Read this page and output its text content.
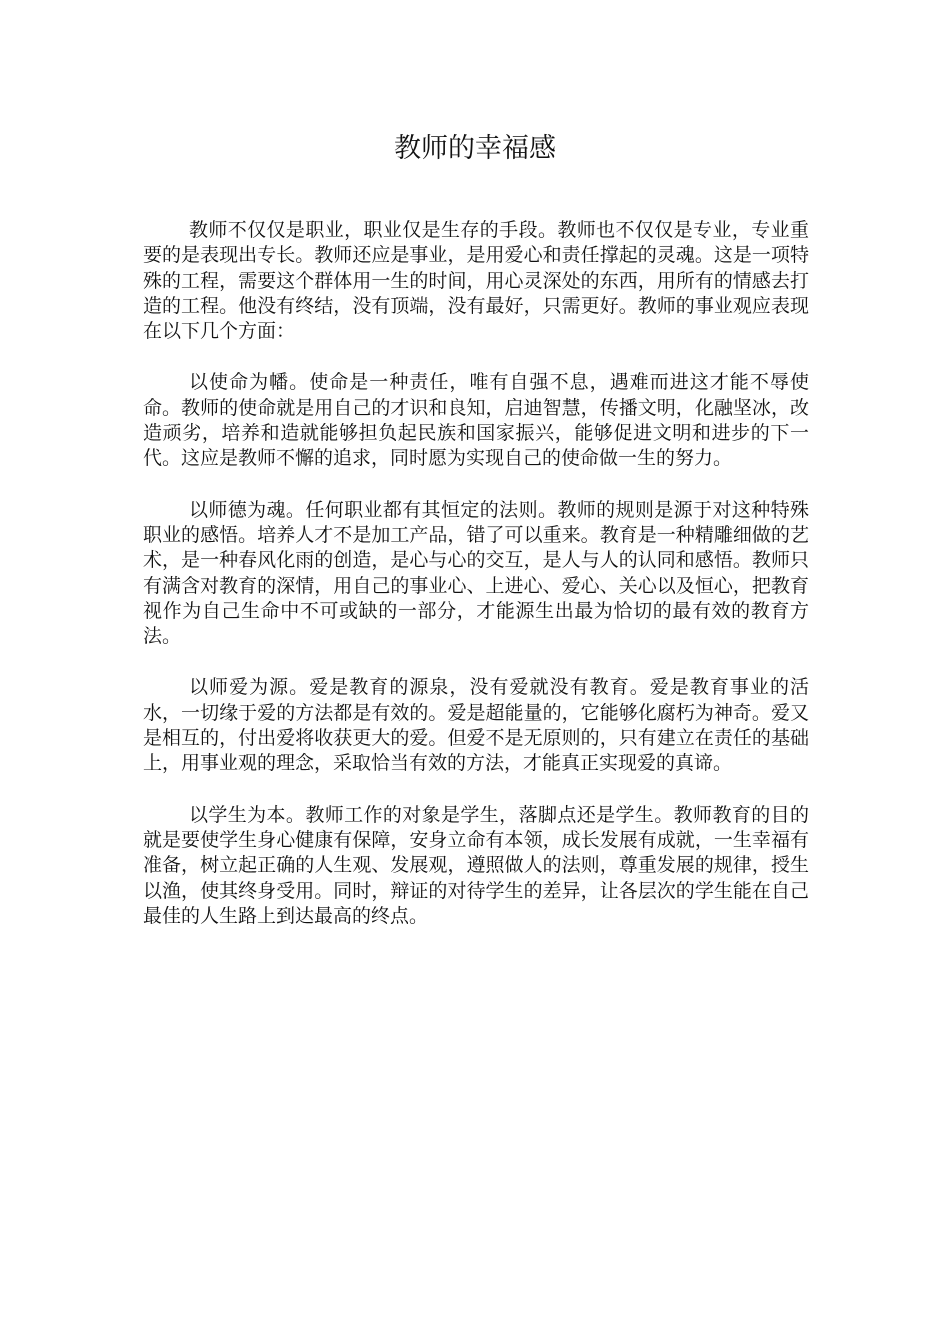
教师的幸福感

教师不仅仅是职业，职业仅是生存的手段。教师也不仅仅是专业，专业重要的是表现出专长。教师还应是事业，是用爱心和责任撑起的灵魂。这是一项特殊的工程，需要这个群体用一生的时间，用心灵深处的东西，用所有的情感去打造的工程。他没有终结，没有顶端，没有最好，只需更好。教师的事业观应表现在以下几个方面：

以使命为幡。使命是一种责任，唯有自强不息，遇难而进这才能不辱使命。教师的使命就是用自己的才识和良知，启迪智慧，传播文明，化融坚冰，改造顽劣，培养和造就能够担负起民族和国家振兴，能够促进文明和进步的下一代。这应是教师不懈的追求，同时愿为实现自己的使命做一生的努力。

以师德为魂。任何职业都有其恒定的法则。教师的规则是源于对这种特殊职业的感悟。培养人才不是加工产品，错了可以重来。教育是一种精雕细做的艺术，是一种春风化雨的创造，是心与心的交互，是人与人的认同和感悟。教师只有满含对教育的深情，用自己的事业心、上进心、爱心、关心以及恒心，把教育视作为自己生命中不可或缺的一部分，才能源生出最为恰切的最有效的教育方法。

以师爱为源。爱是教育的源泉，没有爱就没有教育。爱是教育事业的活水，一切缘于爱的方法都是有效的。爱是超能量的，它能够化腐朽为神奇。爱又是相互的，付出爱将收获更大的爱。但爱不是无原则的，只有建立在责任的基础上，用事业观的理念，采取恰当有效的方法，才能真正实现爱的真谛。

以学生为本。教师工作的对象是学生，落脚点还是学生。教师教育的目的就是要使学生身心健康有保障，安身立命有本领，成长发展有成就，一生幸福有准备，树立起正确的人生观、发展观，遵照做人的法则，尊重发展的规律，授生以渔，使其终身受用。同时，辩证的对待学生的差异，让各层次的学生能在自己最佳的人生路上到达最高的终点。
